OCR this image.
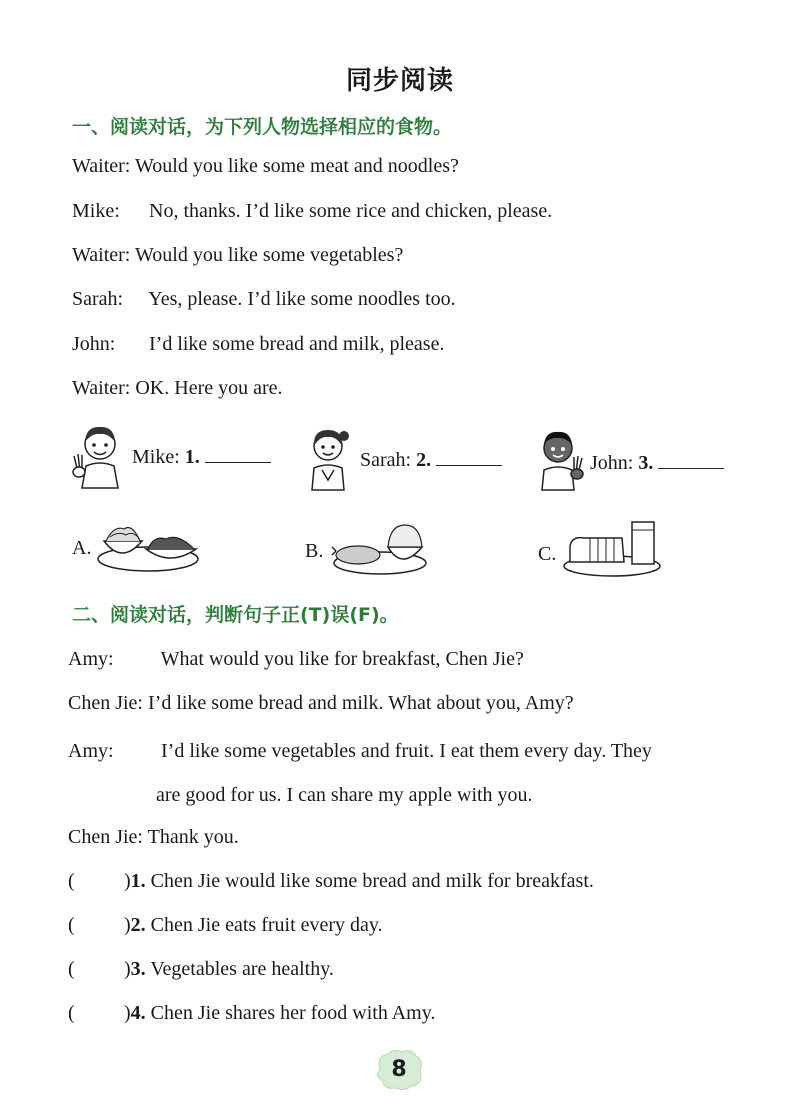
同步阅读
一、阅读对话，为下列人物选择相应的食物。
Waiter: Would you like some meat and noodles?
Mike: No, thanks. I’d like some rice and chicken, please.
Waiter: Would you like some vegetables?
Sarah: Yes, please. I’d like some noodles too.
John: I’d like some bread and milk, please.
Waiter: OK. Here you are.
Mike: 1.	Sarah: 2.	John: 3.
A.	B.	C.
二、阅读对话，判断句子正(T)误(F)。
Amy: What would you like for breakfast, Chen Jie?
Chen Jie: I’d like some bread and milk. What about you, Amy?
Amy: I’d like some vegetables and fruit. I eat them every day. They
are good for us. I can share my apple with you.
Chen Jie: Thank you.
( )1. Chen Jie would like some bread and milk for breakfast.
( )2. Chen Jie eats fruit every day.
( )3. Vegetables are healthy.
( )4. Chen Jie shares her food with Amy.
8
